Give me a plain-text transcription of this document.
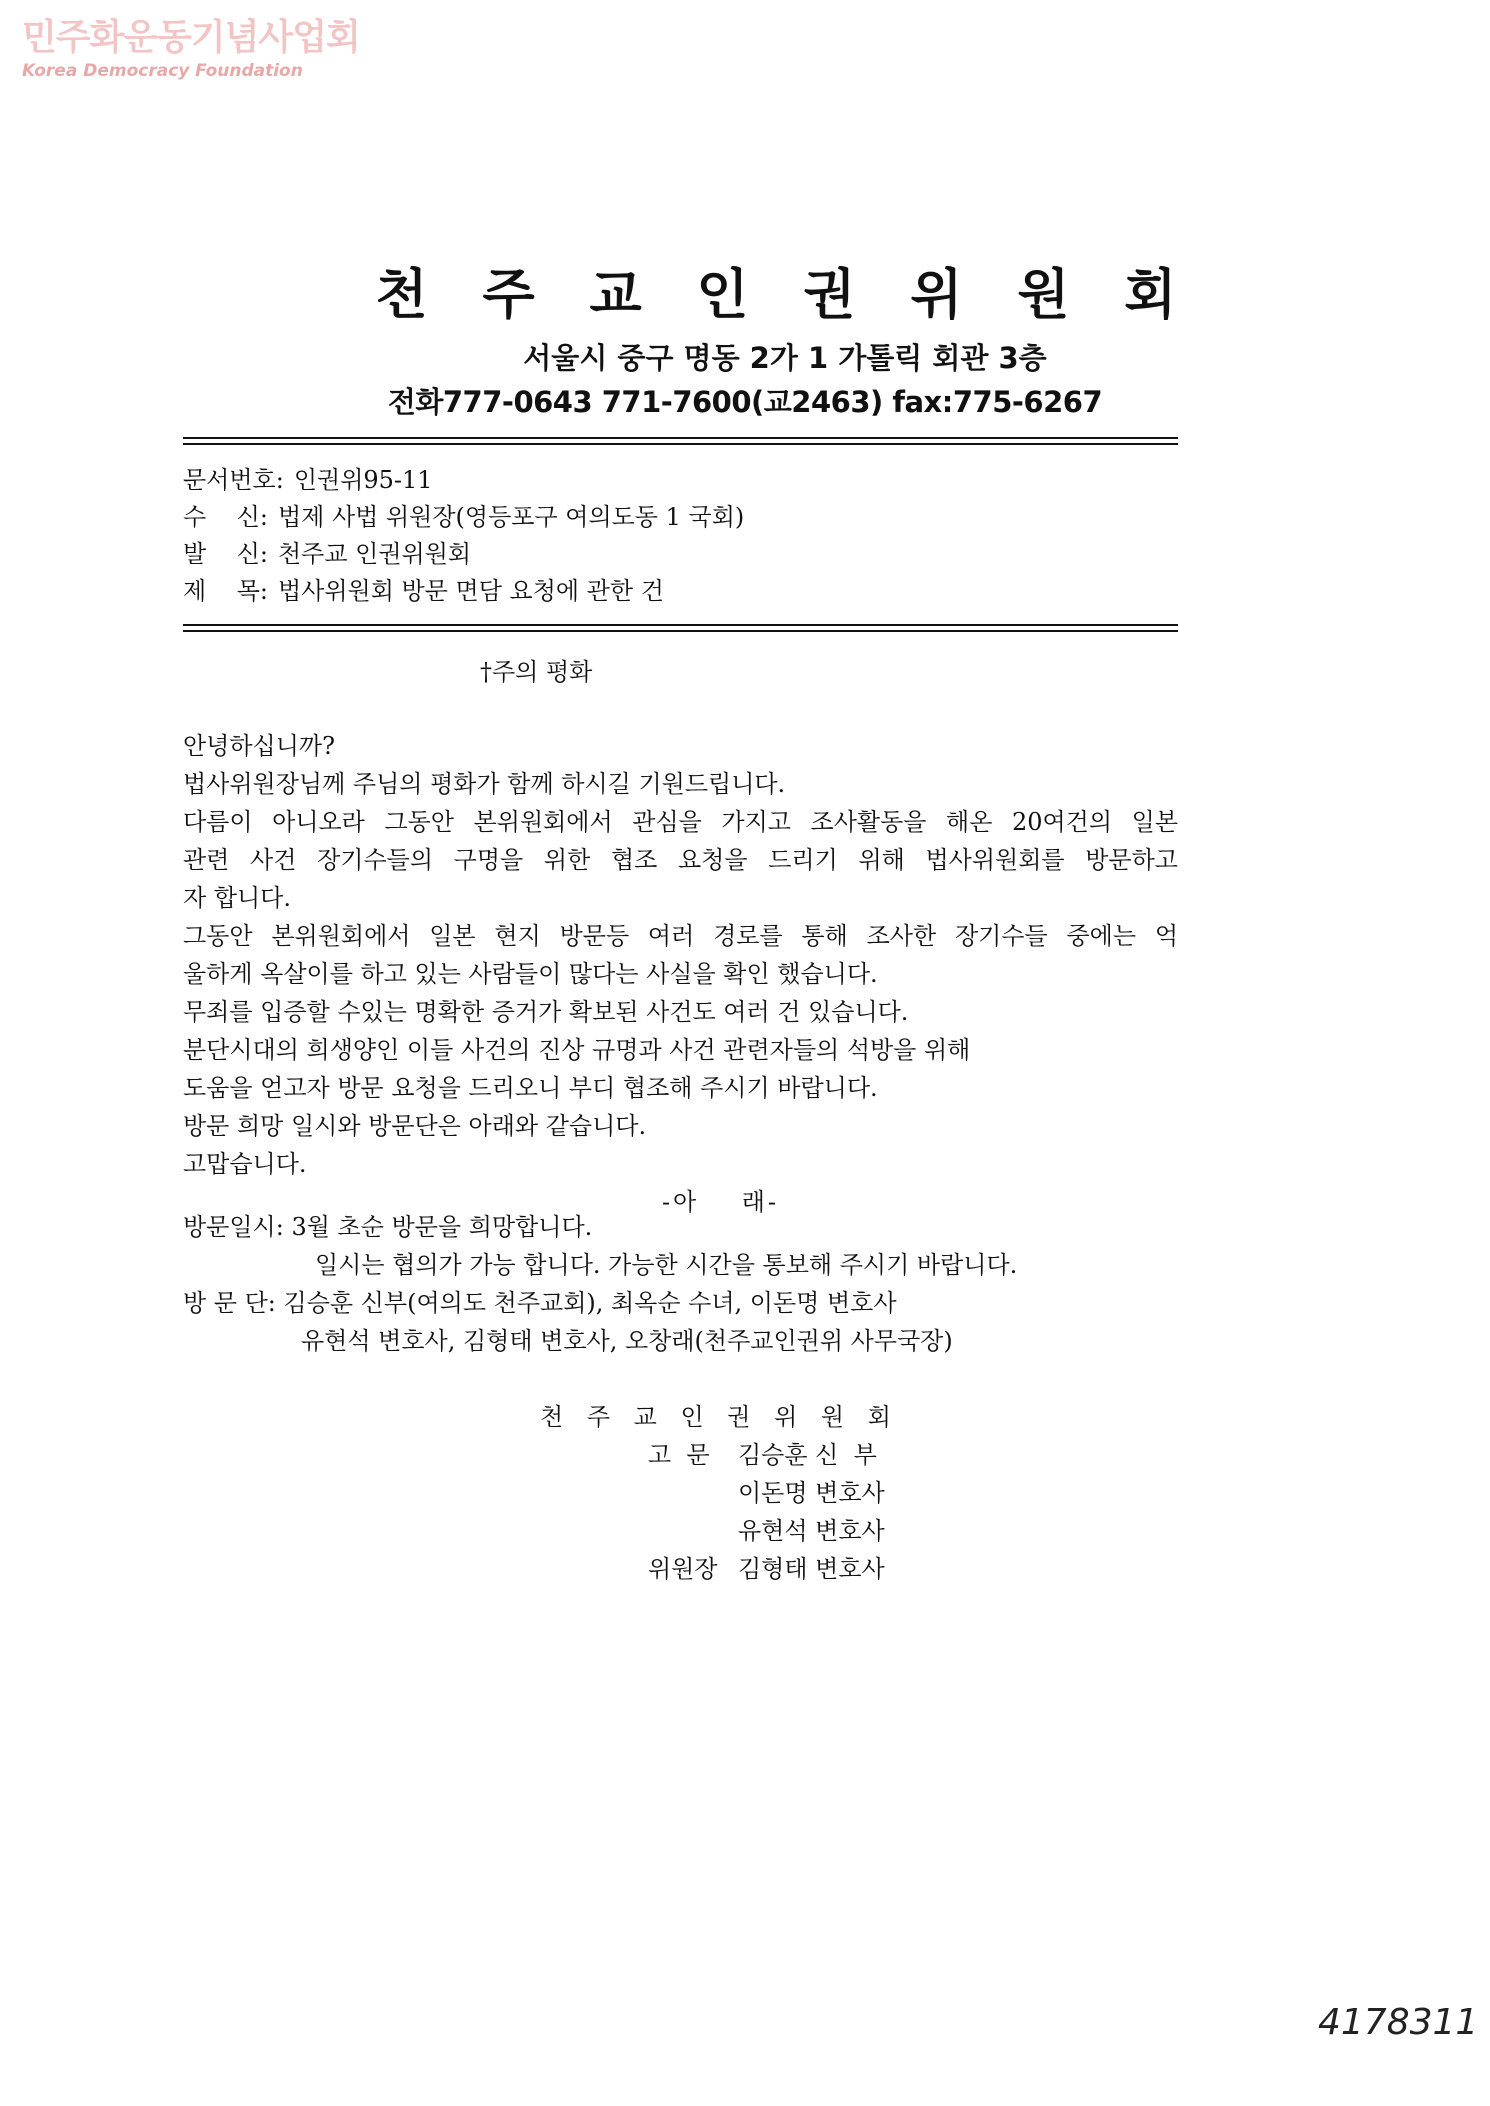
민주화운동기념사업회
Korea Democracy Foundation
천 주 교 인 권 위 원 회
서울시 중구 명동 2가 1 가톨릭 회관 3층
전화777-0643 771-7600(교2463) fax:775-6267
문서번호: 인권위95-11
수    신: 법제 사법 위원장(영등포구 여의도동 1 국회)
발    신: 천주교 인권위원회
제    목: 법사위원회 방문 면담 요청에 관한 건
†주의 평화

안녕하십니까?

법사위원장님께 주님의 평화가 함께 하시길 기원드립니다.

다름이 아니오라 그동안 본위원회에서 관심을 가지고 조사활동을 해온 20여건의 일본

관련 사건 장기수들의 구명을 위한 협조 요청을 드리기 위해 법사위원회를 방문하고

자 합니다.

그동안 본위원회에서 일본 현지 방문등 여러 경로를 통해 조사한 장기수들 중에는 억

울하게 옥살이를 하고 있는 사람들이 많다는 사실을 확인 했습니다.

무죄를 입증할 수있는 명확한 증거가 확보된 사건도 여러 건 있습니다.

분단시대의 희생양인 이들 사건의 진상 규명과 사건 관련자들의 석방을 위해

도움을 얻고자 방문 요청을 드리오니 부디 협조해 주시기 바랍니다.

방문 희망 일시와 방문단은 아래와 같습니다.

고맙습니다.

-아    래-

방문일시: 3월 초순 방문을 희망합니다.
일시는 협의가 가능 합니다. 가능한 시간을 통보해 주시기 바랍니다.
방 문 단: 김승훈 신부(여의도 천주교회), 최옥순 수녀, 이돈명 변호사
유현석 변호사, 김형태 변호사, 오창래(천주교인권위 사무국장)
천 주 교 인 권 위 원 회
고  문 김승훈 신  부
이돈명 변호사
유현석 변호사
위원장 김형태 변호사
4178311
